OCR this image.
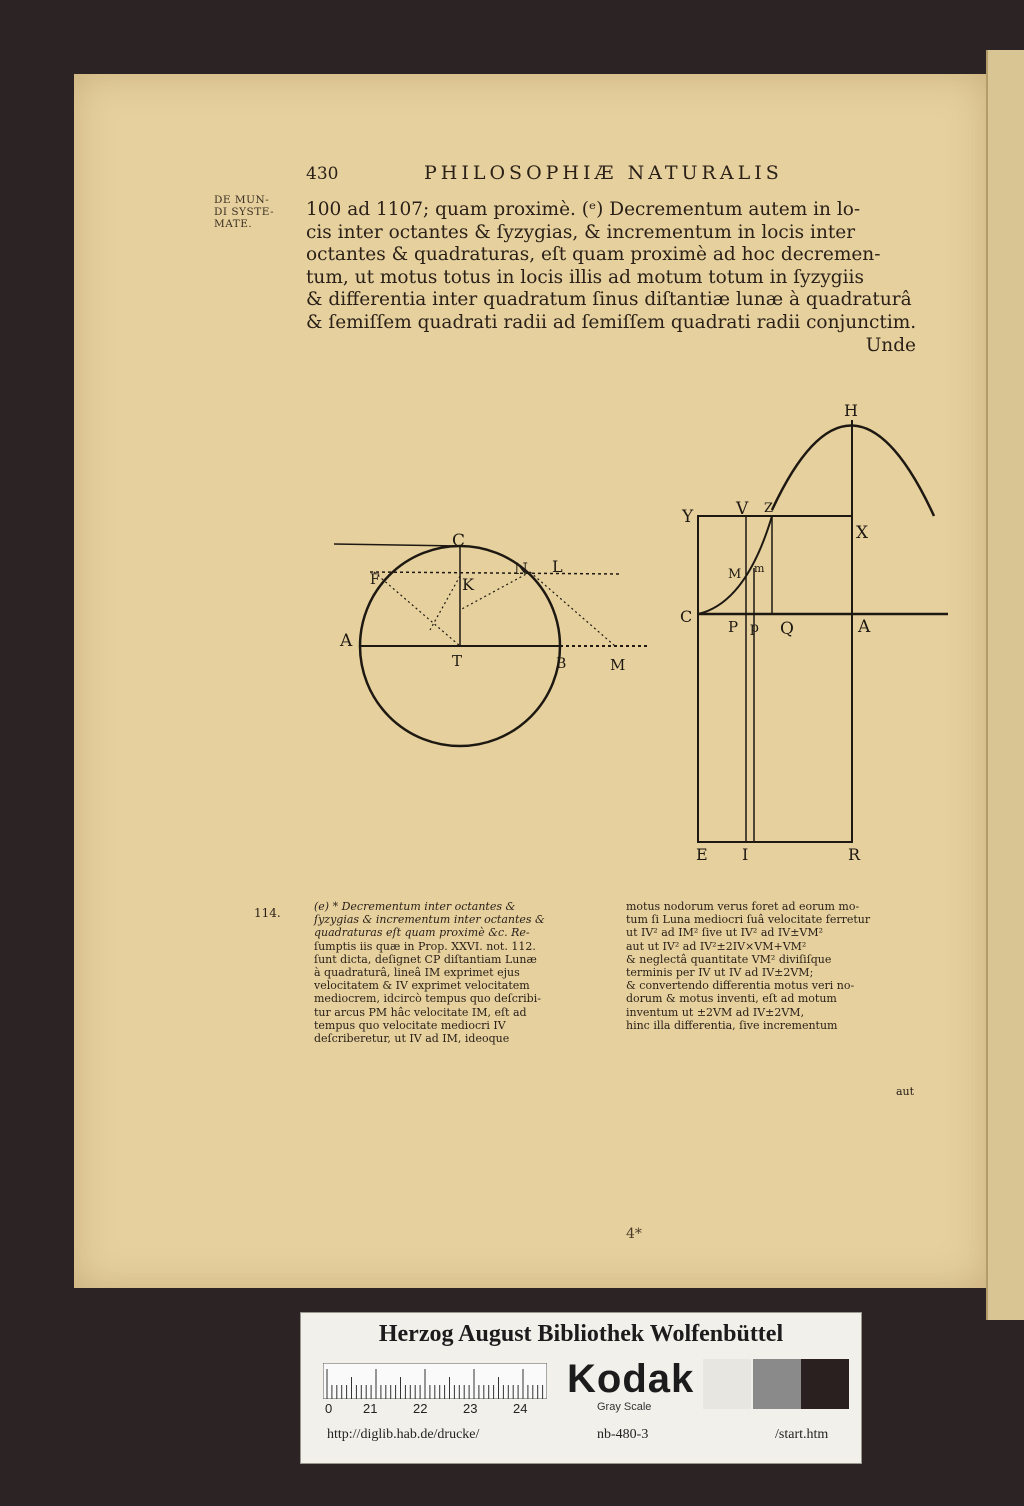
430	PHILOSOPHIÆ NATURALIS
DE MUN-
DI SYSTE-
MATE.
100 ad 1107; quam proximè. (ᵉ) Decrementum autem in lo-
cis inter octantes & ſyzygias, & incrementum in locis inter
octantes & quadraturas, eſt quam proximè ad hoc decremen-
tum, ut motus totus in locis illis ad motum totum in ſyzygiis
& differentia inter quadratum ſinus diſtantiæ lunæ à quadraturâ
& ſemiſſem quadrati radii ad ſemiſſem quadrati radii conjunctim.
Unde
C
K
N L
F
A
T	B	M
H
Y	V Z
X
M m
C
P p Q	A
E I	R
114.	(e) * Decrementum inter octantes &
ſyzygias & incrementum inter octantes &
quadraturas eſt quam proximè &c. Re-
ſumptis iis quæ in Prop. XXVI. not. 112.
ſunt dicta, deſignet CP diſtantiam Lunæ
à quadraturâ, lineâ IM exprimet ejus
velocitatem & IV exprimet velocitatem
mediocrem, idcircò tempus quo deſcribi-
tur arcus PM hâc velocitate IM, eſt ad
tempus quo velocitate mediocri IV
deſcriberetur, ut IV ad IM, ideoque
motus nodorum verus foret ad eorum mo-
tum ſi Luna mediocri ſuâ velocitate ferretur
ut IV² ad IM² ſive ut IV² ad IV±VM²
aut ut IV² ad IV²±2IV×VM+VM²
& neglectâ quantitate VM² diviſiſque
terminis per IV ut IV ad IV±2VM;
& convertendo differentia motus veri no-
dorum & motus inventi, eſt ad motum
inventum ut ±2VM ad IV±2VM,
hinc illa differentia, ſive incrementum
aut
4*
Herzog August Bibliothek Wolfenbüttel
0 21	22	23	24
Kodak
Gray Scale
http://diglib.hab.de/drucke/	nb-480-3	/start.htm
